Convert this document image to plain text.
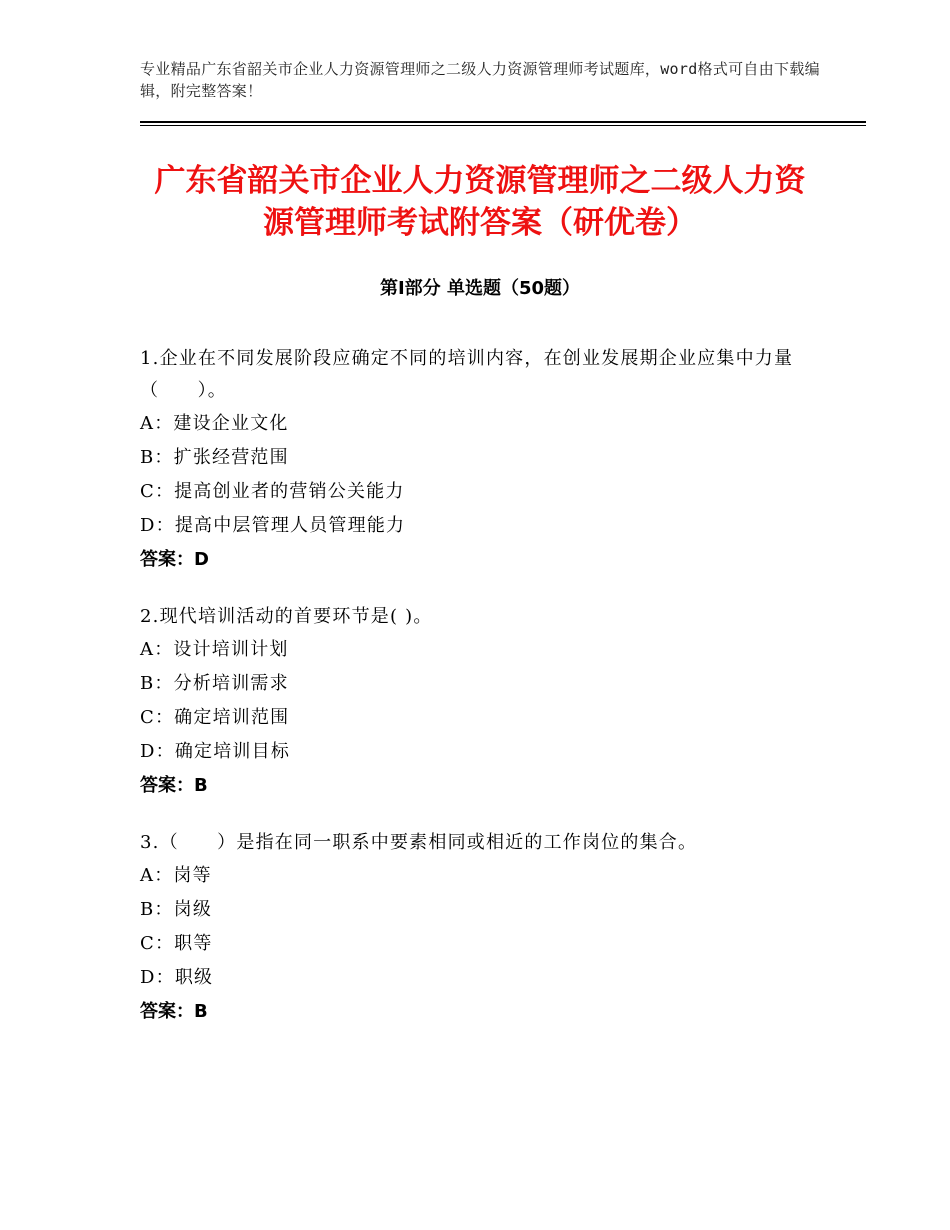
专业精品广东省韶关市企业人力资源管理师之二级人力资源管理师考试题库，word格式可自由下载编辑，附完整答案！
广东省韶关市企业人力资源管理师之二级人力资源管理师考试附答案（研优卷）
第Ⅰ部分 单选题（50题）

1.企业在不同发展阶段应确定不同的培训内容，在创业发展期企业应集中力量（　　）。

A：建设企业文化

B：扩张经营范围

C：提高创业者的营销公关能力

D：提高中层管理人员管理能力

答案：D

2.现代培训活动的首要环节是( )。

A：设计培训计划

B：分析培训需求

C：确定培训范围

D：确定培训目标

答案：B

3.（　　）是指在同一职系中要素相同或相近的工作岗位的集合。

A：岗等

B：岗级

C：职等

D：职级

答案：B
